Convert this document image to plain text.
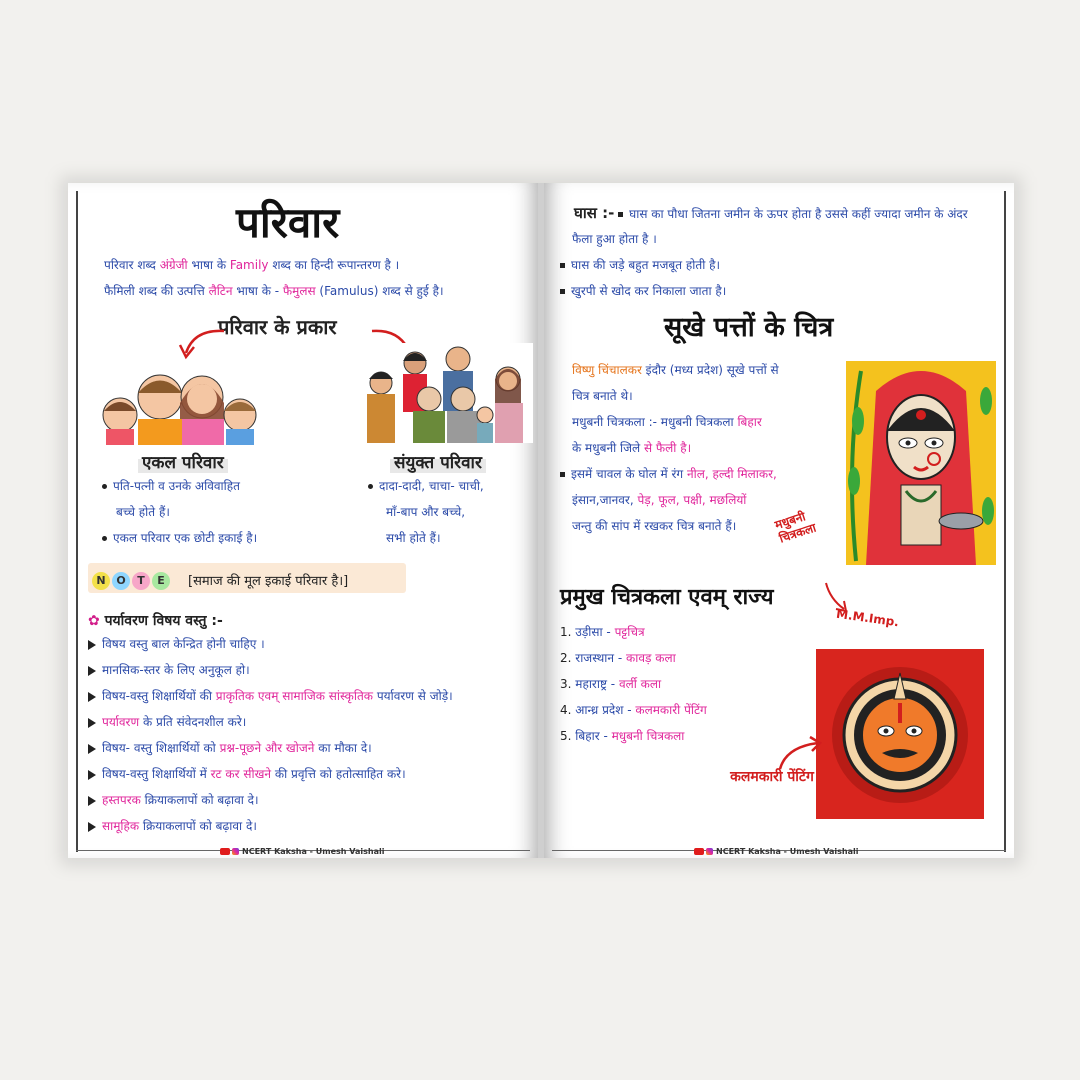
परिवार
परिवार शब्द अंग्रेजी भाषा के Family शब्द का हिन्दी रूपान्तरण है ।
फैमिली शब्द की उत्पत्ति लैटिन भाषा के - फैमुलस (Famulus) शब्द से हुई है।
परिवार के प्रकार
एकल परिवार	संयुक्त परिवार
पति-पत्नी व उनके अविवाहित
बच्चे होते हैं।
एकल परिवार एक छोटी इकाई है।
दादा-दादी, चाचा- चाची,
माँ-बाप और बच्चे,
सभी होते हैं।
N O T E	[समाज की मूल इकाई परिवार है।]
✿ पर्यावरण विषय वस्तु :-
विषय वस्तु बाल केन्द्रित होनी चाहिए ।
मानसिक-स्तर के लिए अनुकूल हो।
विषय-वस्तु शिक्षार्थियों की प्राकृतिक एवम् सामाजिक सांस्कृतिक पर्यावरण से जोड़े।
पर्यावरण के प्रति संवेदनशील करे।
विषय- वस्तु शिक्षार्थियों को प्रश्न-पूछने और खोजने का मौका दे।
विषय-वस्तु शिक्षार्थियों में रट कर सीखने की प्रवृत्ति को हतोत्साहित करे।
हस्तपरक क्रियाकलापों को बढ़ावा दे।
सामूहिक क्रियाकलापों को बढ़ावा दे।
NCERT Kaksha - Umesh Vaishali
घास :- घास का पौधा जितना जमीन के ऊपर होता है उससे कहीं ज्यादा जमीन के अंदर
फैला हुआ होता है ।
घास की जड़े बहुत मजबूत होती है।
खुरपी से खोद कर निकाला जाता है।
सूखे पत्तों के चित्र
विष्णु चिंचालकर इंदौर (मध्य प्रदेश) सूखे पत्तों से
चित्र बनाते थे।
मधुबनी चित्रकला :- मधुबनी चित्रकला बिहार
के मधुबनी जिले से फैली है।
इसमें चावल के घोल में रंग नील, हल्दी मिलाकर,
इंसान,जानवर, पेड़, फूल, पक्षी, मछलियों
जन्तु की सांप में रखकर चित्र बनाते हैं।	मधुबनी चित्रकला
प्रमुख चित्रकला एवम् राज्य
M.M.Imp.
1. उड़ीसा - पट्टचित्र
2. राजस्थान - कावड़ कला
3. महाराष्ट्र - वर्ली कला
4. आन्ध्र प्रदेश - कलमकारी पेंटिंग
5. बिहार - मधुबनी चित्रकला
कलमकारी पेंटिंग
NCERT Kaksha - Umesh Vaishali
